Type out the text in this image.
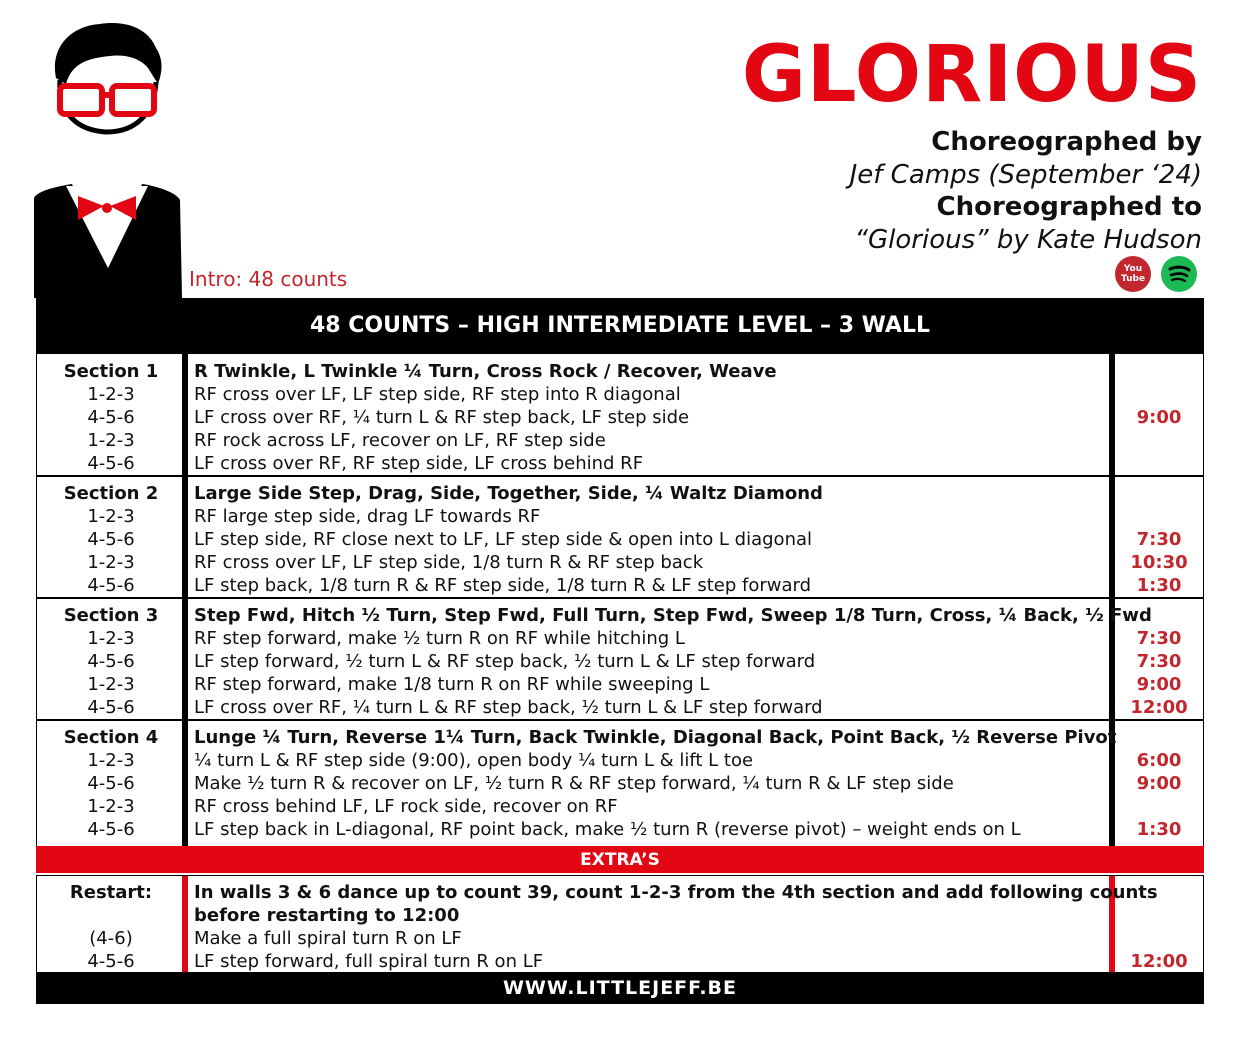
GLORIOUS
Choreographed by
Jef Camps (September ‘24)
Choreographed to
“Glorious” by Kate Hudson
Intro: 48 counts	You
Tube
48 COUNTS – HIGH INTERMEDIATE LEVEL – 3 WALL
Section 1
1-2-3
4-5-6
1-2-3
4-5-6
R Twinkle, L Twinkle ¼ Turn, Cross Rock / Recover, Weave
RF cross over LF, LF step side, RF step into R diagonal
LF cross over RF, ¼ turn L & RF step back, LF step side
RF rock across LF, recover on LF, RF step side
LF cross over RF, RF step side, LF cross behind RF
9:00
Section 2
1-2-3
4-5-6
1-2-3
4-5-6
Large Side Step, Drag, Side, Together, Side, ¼ Waltz Diamond
RF large step side, drag LF towards RF
LF step side, RF close next to LF, LF step side & open into L diagonal
RF cross over LF, LF step side, 1/8 turn R & RF step back
LF step back, 1/8 turn R & RF step side, 1/8 turn R & LF step forward
7:30
10:30
1:30
Section 3
1-2-3
4-5-6
1-2-3
4-5-6
Step Fwd, Hitch ½ Turn, Step Fwd, Full Turn, Step Fwd, Sweep 1/8 Turn, Cross, ¼ Back, ½ Fwd
RF step forward, make ½ turn R on RF while hitching L
LF step forward, ½ turn L & RF step back, ½ turn L & LF step forward
RF step forward, make 1/8 turn R on RF while sweeping L
LF cross over RF, ¼ turn L & RF step back, ½ turn L & LF step forward
7:30
7:30
9:00
12:00
Section 4
1-2-3
4-5-6
1-2-3
4-5-6
Lunge ¼ Turn, Reverse 1¼ Turn, Back Twinkle, Diagonal Back, Point Back, ½ Reverse Pivot
¼ turn L & RF step side (9:00), open body ¼ turn L & lift L toe
Make ½ turn R & recover on LF, ½ turn R & RF step forward, ¼ turn R & LF step side
RF cross behind LF, LF rock side, recover on RF
LF step back in L-diagonal, RF point back, make ½ turn R (reverse pivot) – weight ends on L
6:00
9:00
1:30
EXTRA’S
Restart:
(4-6)
4-5-6
In walls 3 & 6 dance up to count 39, count 1-2-3 from the 4th section and add following counts
before restarting to 12:00
Make a full spiral turn R on LF
LF step forward, full spiral turn R on LF	12:00
WWW.LITTLEJEFF.BE
